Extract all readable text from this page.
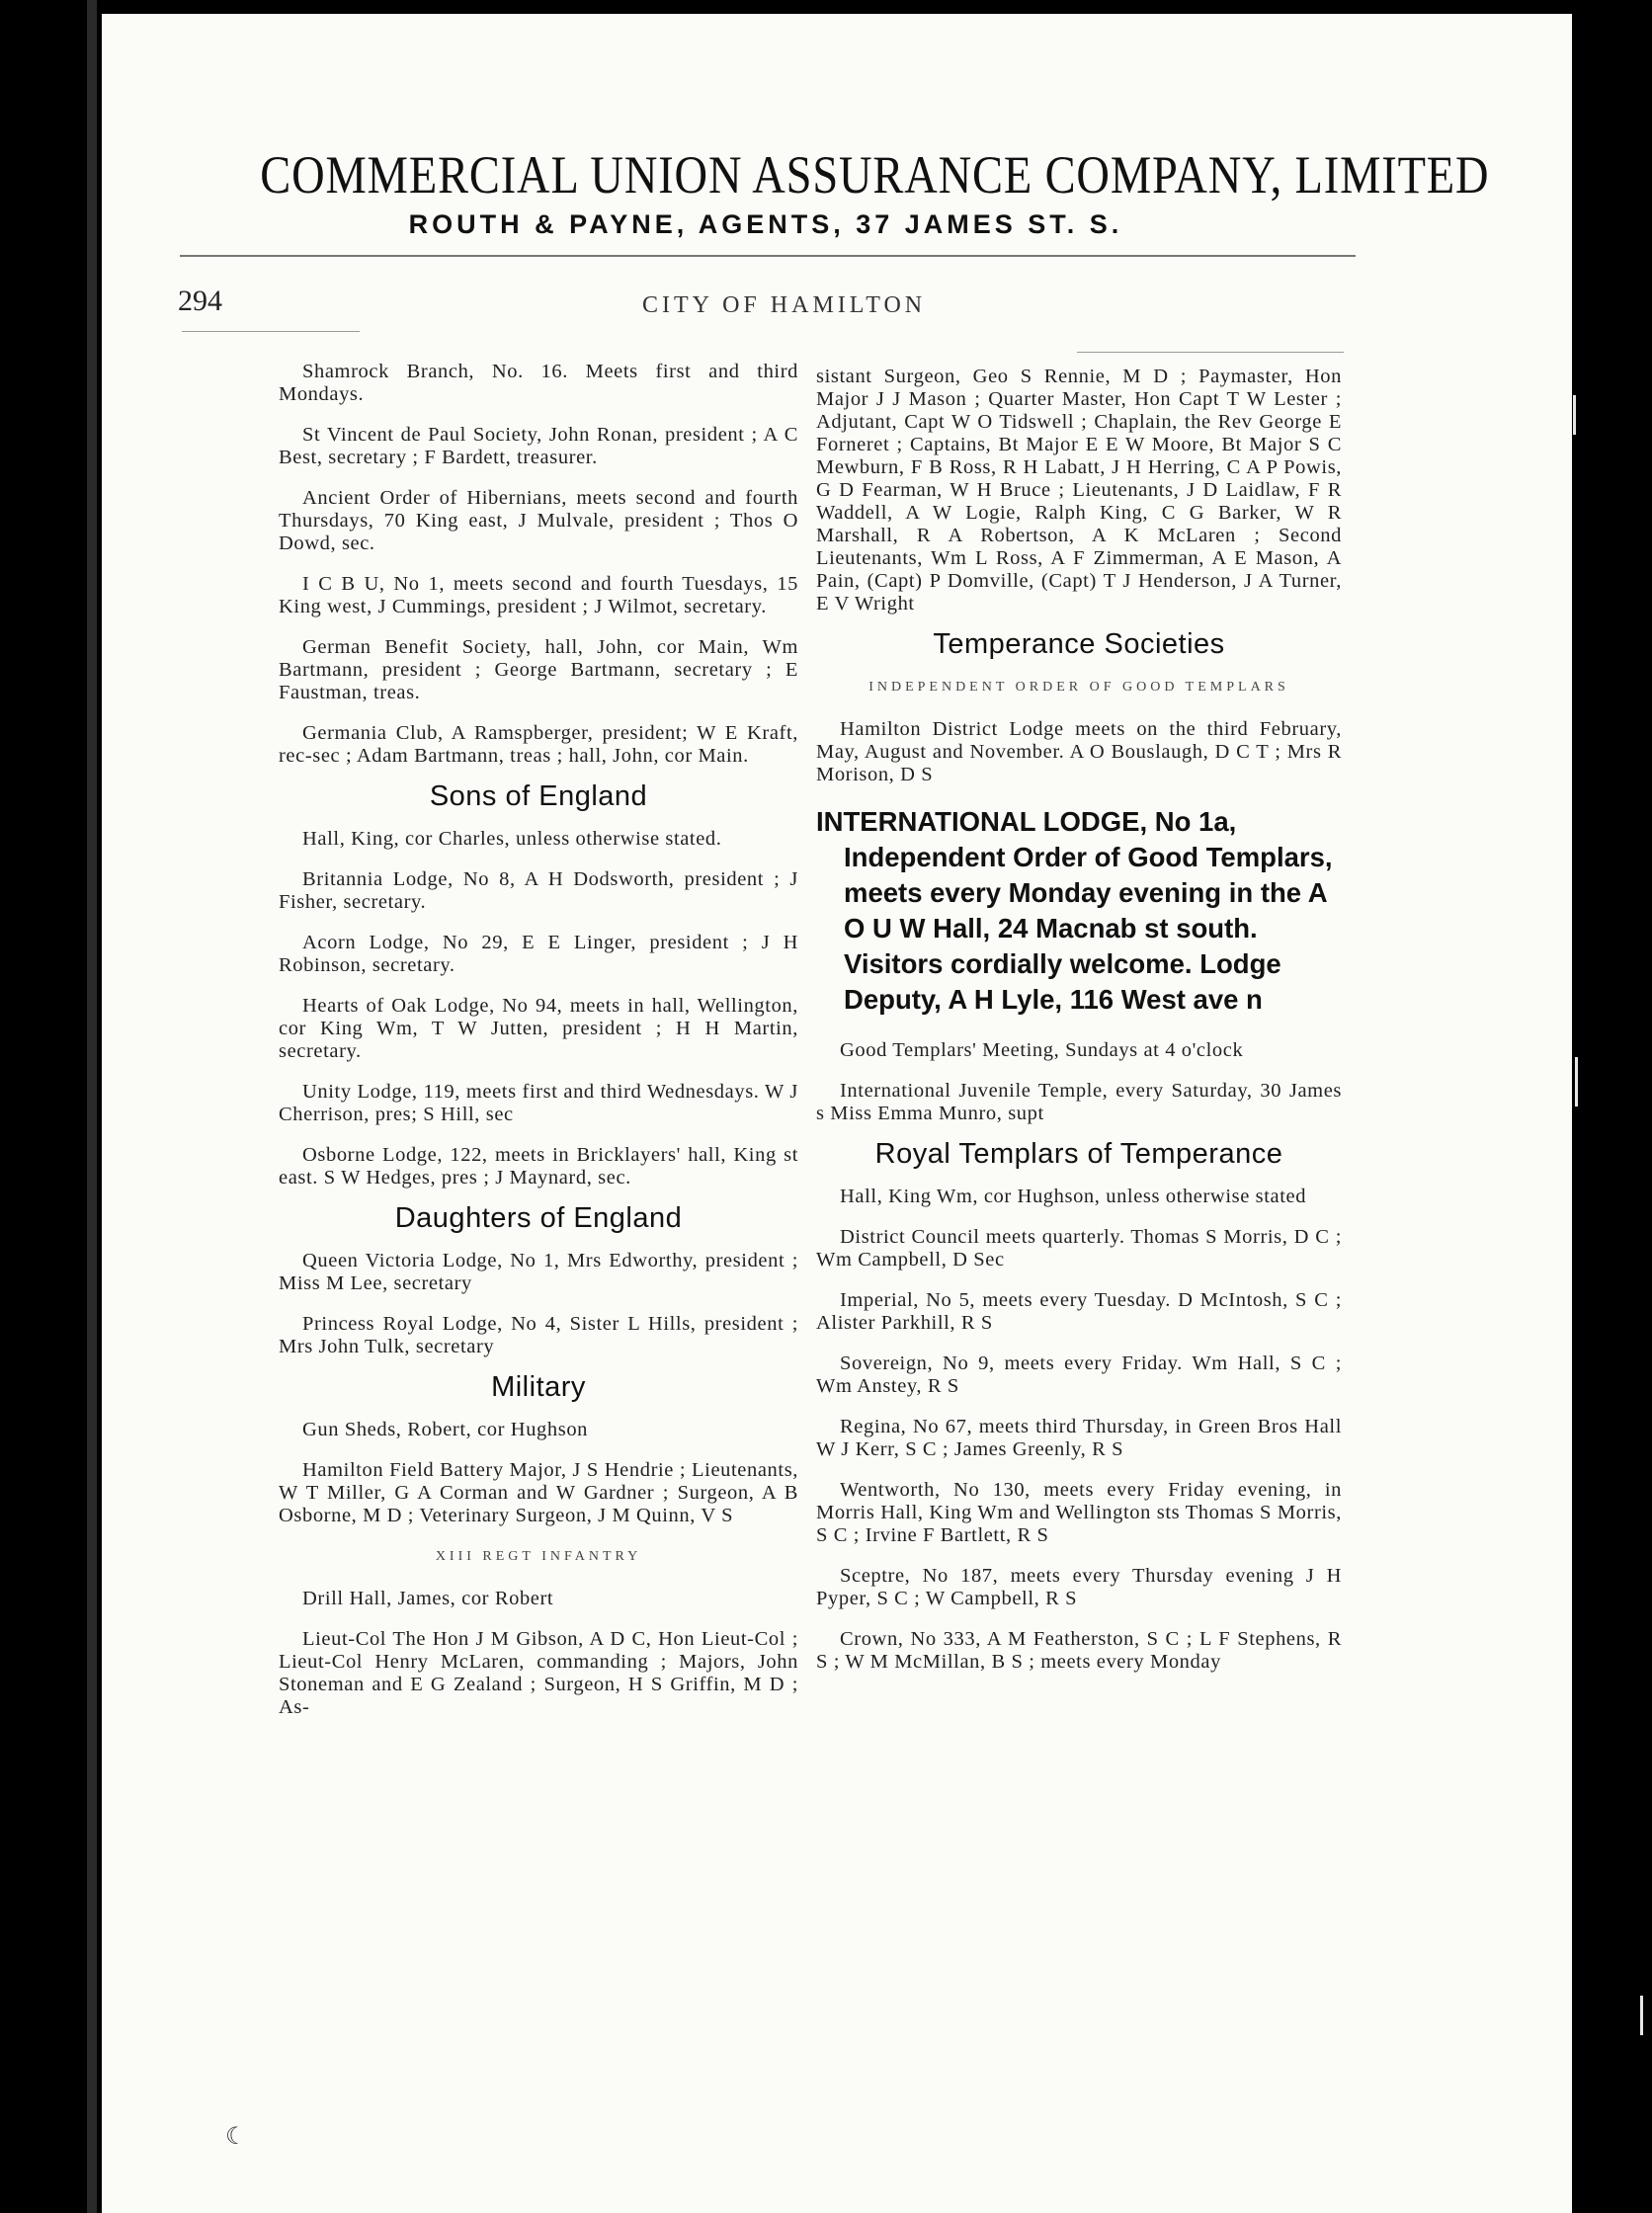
COMMERCIAL UNION ASSURANCE COMPANY, LIMITED
ROUTH & PAYNE, AGENTS, 37 JAMES ST. S.
294	CITY OF HAMILTON

Shamrock Branch, No. 16. Meets first and third Mondays.

St Vincent de Paul Society, John Ronan, president ; A C Best, secretary ; F Bardett, treasurer.

Ancient Order of Hibernians, meets second and fourth Thursdays, 70 King east, J Mulvale, president ; Thos O Dowd, sec.

I C B U, No 1, meets second and fourth Tuesdays, 15 King west, J Cummings, president ; J Wilmot, secretary.

German Benefit Society, hall, John, cor Main, Wm Bartmann, president ; George Bartmann, secretary ; E Faustman, treas.

Germania Club, A Ramspberger, president; W E Kraft, rec-sec ; Adam Bartmann, treas ; hall, John, cor Main.

Sons of England

Hall, King, cor Charles, unless otherwise stated.

Britannia Lodge, No 8, A H Dodsworth, president ; J Fisher, secretary.

Acorn Lodge, No 29, E E Linger, president ; J H Robinson, secretary.

Hearts of Oak Lodge, No 94, meets in hall, Wellington, cor King Wm, T W Jutten, president ; H H Martin, secretary.

Unity Lodge, 119, meets first and third Wednesdays. W J Cherrison, pres; S Hill, sec

Osborne Lodge, 122, meets in Bricklayers' hall, King st east. S W Hedges, pres ; J Maynard, sec.

Daughters of England

Queen Victoria Lodge, No 1, Mrs Edworthy, president ; Miss M Lee, secretary

Princess Royal Lodge, No 4, Sister L Hills, president ; Mrs John Tulk, secretary

Military

Gun Sheds, Robert, cor Hughson

Hamilton Field Battery Major, J S Hendrie ; Lieutenants, W T Miller, G A Corman and W Gardner ; Surgeon, A B Osborne, M D ; Veterinary Surgeon, J M Quinn, V S

XIII REGT INFANTRY

Drill Hall, James, cor Robert

Lieut-Col The Hon J M Gibson, A D C, Hon Lieut-Col ; Lieut-Col Henry McLaren, commanding ; Majors, John Stoneman and E G Zealand ; Surgeon, H S Griffin, M D ; As-

sistant Surgeon, Geo S Rennie, M D ; Paymaster, Hon Major J J Mason ; Quarter Master, Hon Capt T W Lester ; Adjutant, Capt W O Tidswell ; Chaplain, the Rev George E Forneret ; Captains, Bt Major E E W Moore, Bt Major S C Mewburn, F B Ross, R H Labatt, J H Herring, C A P Powis, G D Fearman, W H Bruce ; Lieutenants, J D Laidlaw, F R Waddell, A W Logie, Ralph King, C G Barker, W R Marshall, R A Robertson, A K McLaren ; Second Lieutenants, Wm L Ross, A F Zimmerman, A E Mason, A Pain, (Capt) P Domville, (Capt) T J Henderson, J A Turner, E V Wright

Temperance Societies
INDEPENDENT ORDER OF GOOD TEMPLARS

Hamilton District Lodge meets on the third February, May, August and November. A O Bouslaugh, D C T ; Mrs R Morison, D S

INTERNATIONAL LODGE, No 1a,
Independent Order of Good Templars, meets every Monday evening in the A O U W Hall, 24 Macnab st south. Visitors cordially welcome. Lodge Deputy, A H Lyle, 116 West ave n

Good Templars' Meeting, Sundays at 4 o'clock

International Juvenile Temple, every Saturday, 30 James s Miss Emma Munro, supt

Royal Templars of Temperance

Hall, King Wm, cor Hughson, unless otherwise stated

District Council meets quarterly. Thomas S Morris, D C ; Wm Campbell, D Sec

Imperial, No 5, meets every Tuesday. D McIntosh, S C ; Alister Parkhill, R S

Sovereign, No 9, meets every Friday. Wm Hall, S C ; Wm Anstey, R S

Regina, No 67, meets third Thursday, in Green Bros Hall W J Kerr, S C ; James Greenly, R S

Wentworth, No 130, meets every Friday evening, in Morris Hall, King Wm and Wellington sts Thomas S Morris, S C ; Irvine F Bartlett, R S

Sceptre, No 187, meets every Thursday evening J H Pyper, S C ; W Campbell, R S

Crown, No 333, A M Featherston, S C ; L F Stephens, R S ; W M McMillan, B S ; meets every Monday

☾
